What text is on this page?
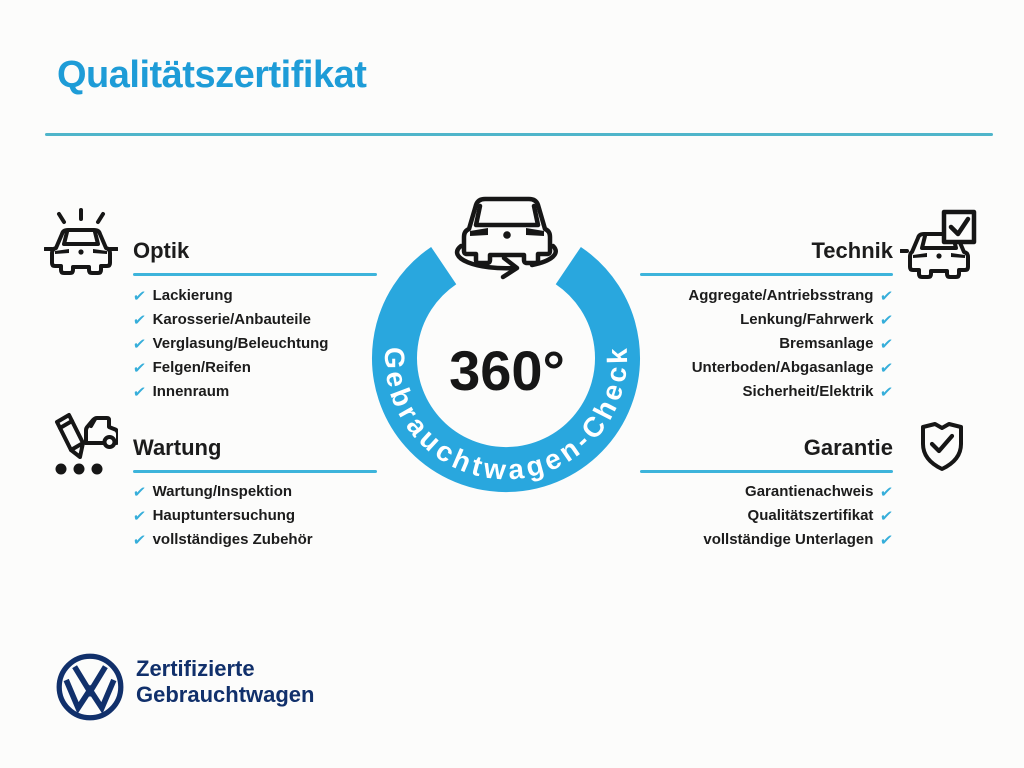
Qualitätszertifikat
Optik
✔ Lackierung
✔ Karosserie/Anbauteile
✔ Verglasung/Beleuchtung
✔ Felgen/Reifen
✔ Innenraum
Wartung
✔ Wartung/Inspektion
✔ Hauptuntersuchung
✔ vollständiges Zubehör
Technik
✔
Aggregate/Antriebsstrang
✔
Lenkung/Fahrwerk
✔
Bremsanlage
✔
Unterboden/Abgasanlage
✔
Sicherheit/Elektrik
Garantie
✔
Garantienachweis
✔
Qualitätszertifikat
✔
vollständige Unterlagen
Gebrauchtwagen-Check
360°

Zertifizierte
Gebrauchtwagen
